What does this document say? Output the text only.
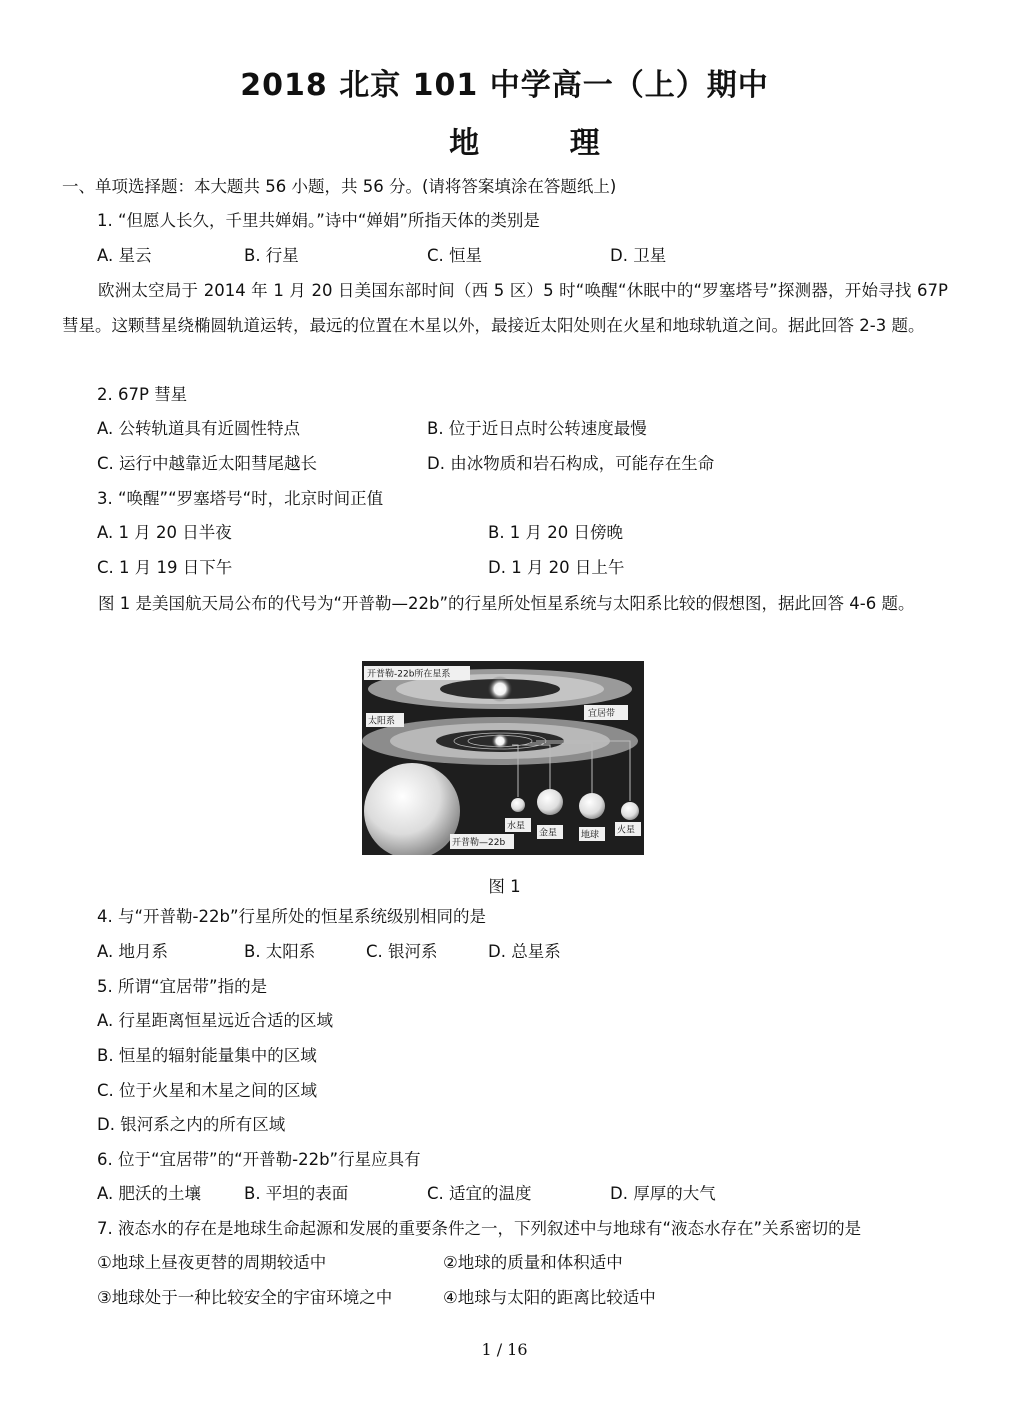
2018 北京 101 中学高一（上）期中
地 理
一、单项选择题：本大题共 56 小题，共 56 分。(请将答案填涂在答题纸上)
1. “但愿人长久，千里共婵娟。”诗中“婵娟”所指天体的类别是
A. 星云	B. 行星	C. 恒星	D. 卫星

欧洲太空局于 2014 年 1 月 20 日美国东部时间（西 5 区）5 时“唤醒“休眠中的“罗塞塔号”探测器，开始寻找 67P 彗星。这颗彗星绕椭圆轨道运转，最远的位置在木星以外，最接近太阳处则在火星和地球轨道之间。据此回答 2-3 题。

2. 67P 彗星
A. 公转轨道具有近圆性特点	B. 位于近日点时公转速度最慢
C. 运行中越靠近太阳彗尾越长	D. 由冰物质和岩石构成，可能存在生命
3. “唤醒”“罗塞塔号“时，北京时间正值
A. 1 月 20 日半夜	B. 1 月 20 日傍晚
C. 1 月 19 日下午	D. 1 月 20 日上午

图 1 是美国航天局公布的代号为“开普勒—22b”的行星所处恒星系统与太阳系比较的假想图，据此回答 4-6 题。

开普勒-22b所在星系
太阳系
宜居带
开普勒—22b
水星
金星	地球 火星
图 1
4. 与“开普勒-22b”行星所处的恒星系统级别相同的是
A. 地月系	B. 太阳系	C. 银河系	D. 总星系
5. 所谓“宜居带”指的是
A. 行星距离恒星远近合适的区域
B. 恒星的辐射能量集中的区域
C. 位于火星和木星之间的区域
D. 银河系之内的所有区域
6. 位于“宜居带”的“开普勒-22b”行星应具有
A. 肥沃的土壤	B. 平坦的表面	C. 适宜的温度	D. 厚厚的大气
7. 液态水的存在是地球生命起源和发展的重要条件之一，下列叙述中与地球有“液态水存在”关系密切的是
①地球上昼夜更替的周期较适中	②地球的质量和体积适中
③地球处于一种比较安全的宇宙环境之中	④地球与太阳的距离比较适中
1 / 16
